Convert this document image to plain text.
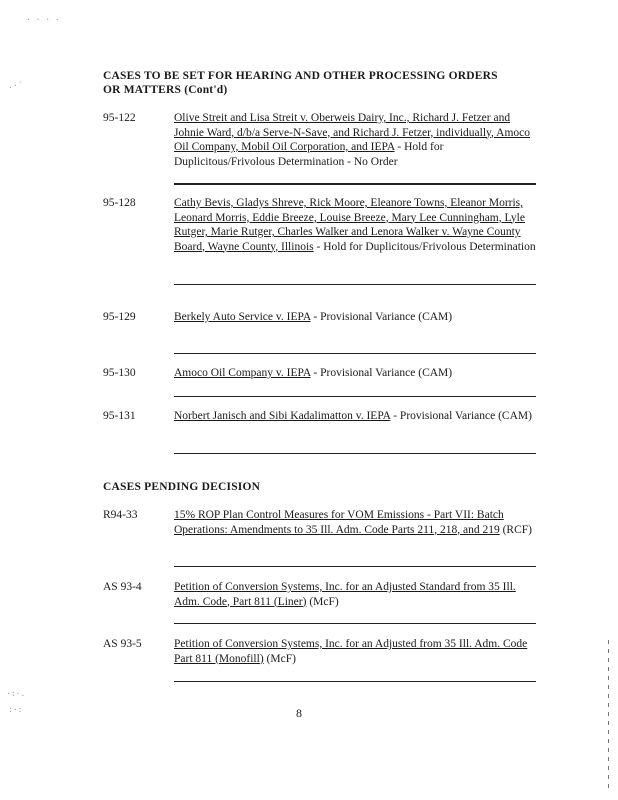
· · · ·
.·´
·:·.
:·:
CASES TO BE SET FOR HEARING AND OTHER PROCESSING ORDERS
OR MATTERS (Cont'd)
95-122	Olive Streit and Lisa Streit v. Oberweis Dairy, Inc., Richard J. Fetzer and Johnie Ward, d/b/a Serve-N-Save, and Richard J. Fetzer, individually, Amoco Oil Company, Mobil Oil Corporation, and IEPA - Hold for Duplicitous/Frivolous Determination - No Order
95-128	Cathy Bevis, Gladys Shreve, Rick Moore, Eleanore Towns, Eleanor Morris, Leonard Morris, Eddie Breeze, Louise Breeze, Mary Lee Cunningham, Lyle Rutger, Marie Rutger, Charles Walker and Lenora Walker v. Wayne County Board, Wayne County, Illinois - Hold for Duplicitous/Frivolous Determination
95-129	Berkely Auto Service v. IEPA - Provisional Variance (CAM)
95-130	Amoco Oil Company v. IEPA - Provisional Variance (CAM)
95-131	Norbert Janisch and Sibi Kadalimatton v. IEPA - Provisional Variance (CAM)
CASES PENDING DECISION
R94-33	15% ROP Plan Control Measures for VOM Emissions - Part VII: Batch Operations: Amendments to 35 Ill. Adm. Code Parts 211, 218, and 219 (RCF)
AS 93-4	Petition of Conversion Systems, Inc. for an Adjusted Standard from 35 Ill. Adm. Code, Part 811 (Liner) (McF)
AS 93-5	Petition of Conversion Systems, Inc. for an Adjusted from 35 Ill. Adm. Code Part 811 (Monofill) (McF)
8
